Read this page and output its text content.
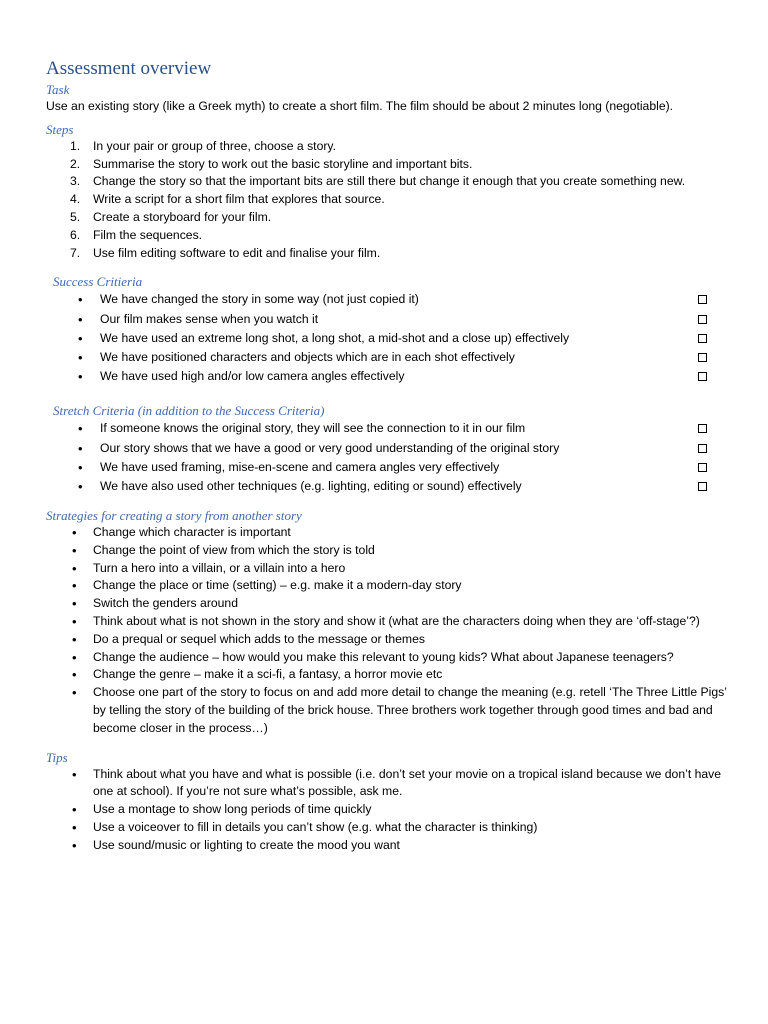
Assessment overview
Task

Use an existing story (like a Greek myth) to create a short film. The film should be about 2 minutes long (negotiable).

Steps
1. In your pair or group of three, choose a story.
2. Summarise the story to work out the basic storyline and important bits.
3. Change the story so that the important bits are still there but change it enough that you create something new.
4. Write a script for a short film that explores that source.
5. Create a storyboard for your film.
6. Film the sequences.
7. Use film editing software to edit and finalise your film.
Success Critieria
• We have changed the story in some way (not just copied it)
• Our film makes sense when you watch it
• We have used an extreme long shot, a long shot, a mid-shot and a close up) effectively
• We have positioned characters and objects which are in each shot effectively
• We have used high and/or low camera angles effectively
Stretch Criteria (in addition to the Success Criteria)
• If someone knows the original story, they will see the connection to it in our film
• Our story shows that we have a good or very good understanding of the original story
• We have used framing, mise-en-scene and camera angles very effectively
• We have also used other techniques (e.g. lighting, editing or sound) effectively
Strategies for creating a story from another story
• Change which character is important
• Change the point of view from which the story is told
• Turn a hero into a villain, or a villain into a hero
• Change the place or time (setting) – e.g. make it a modern-day story
• Switch the genders around
• Think about what is not shown in the story and show it (what are the characters doing when they are ‘off-stage’?)
• Do a prequal or sequel which adds to the message or themes
• Change the audience – how would you make this relevant to young kids? What about Japanese teenagers?
• Change the genre – make it a sci-fi, a fantasy, a horror movie etc
• Choose one part of the story to focus on and add more detail to change the meaning (e.g. retell ‘The Three Little Pigs’ by telling the story of the building of the brick house. Three brothers work together through good times and bad and become closer in the process…)
Tips
• Think about what you have and what is possible (i.e. don’t set your movie on a tropical island because we don’t have one at school). If you’re not sure what’s possible, ask me.
• Use a montage to show long periods of time quickly
• Use a voiceover to fill in details you can’t show (e.g. what the character is thinking)
• Use sound/music or lighting to create the mood you want
